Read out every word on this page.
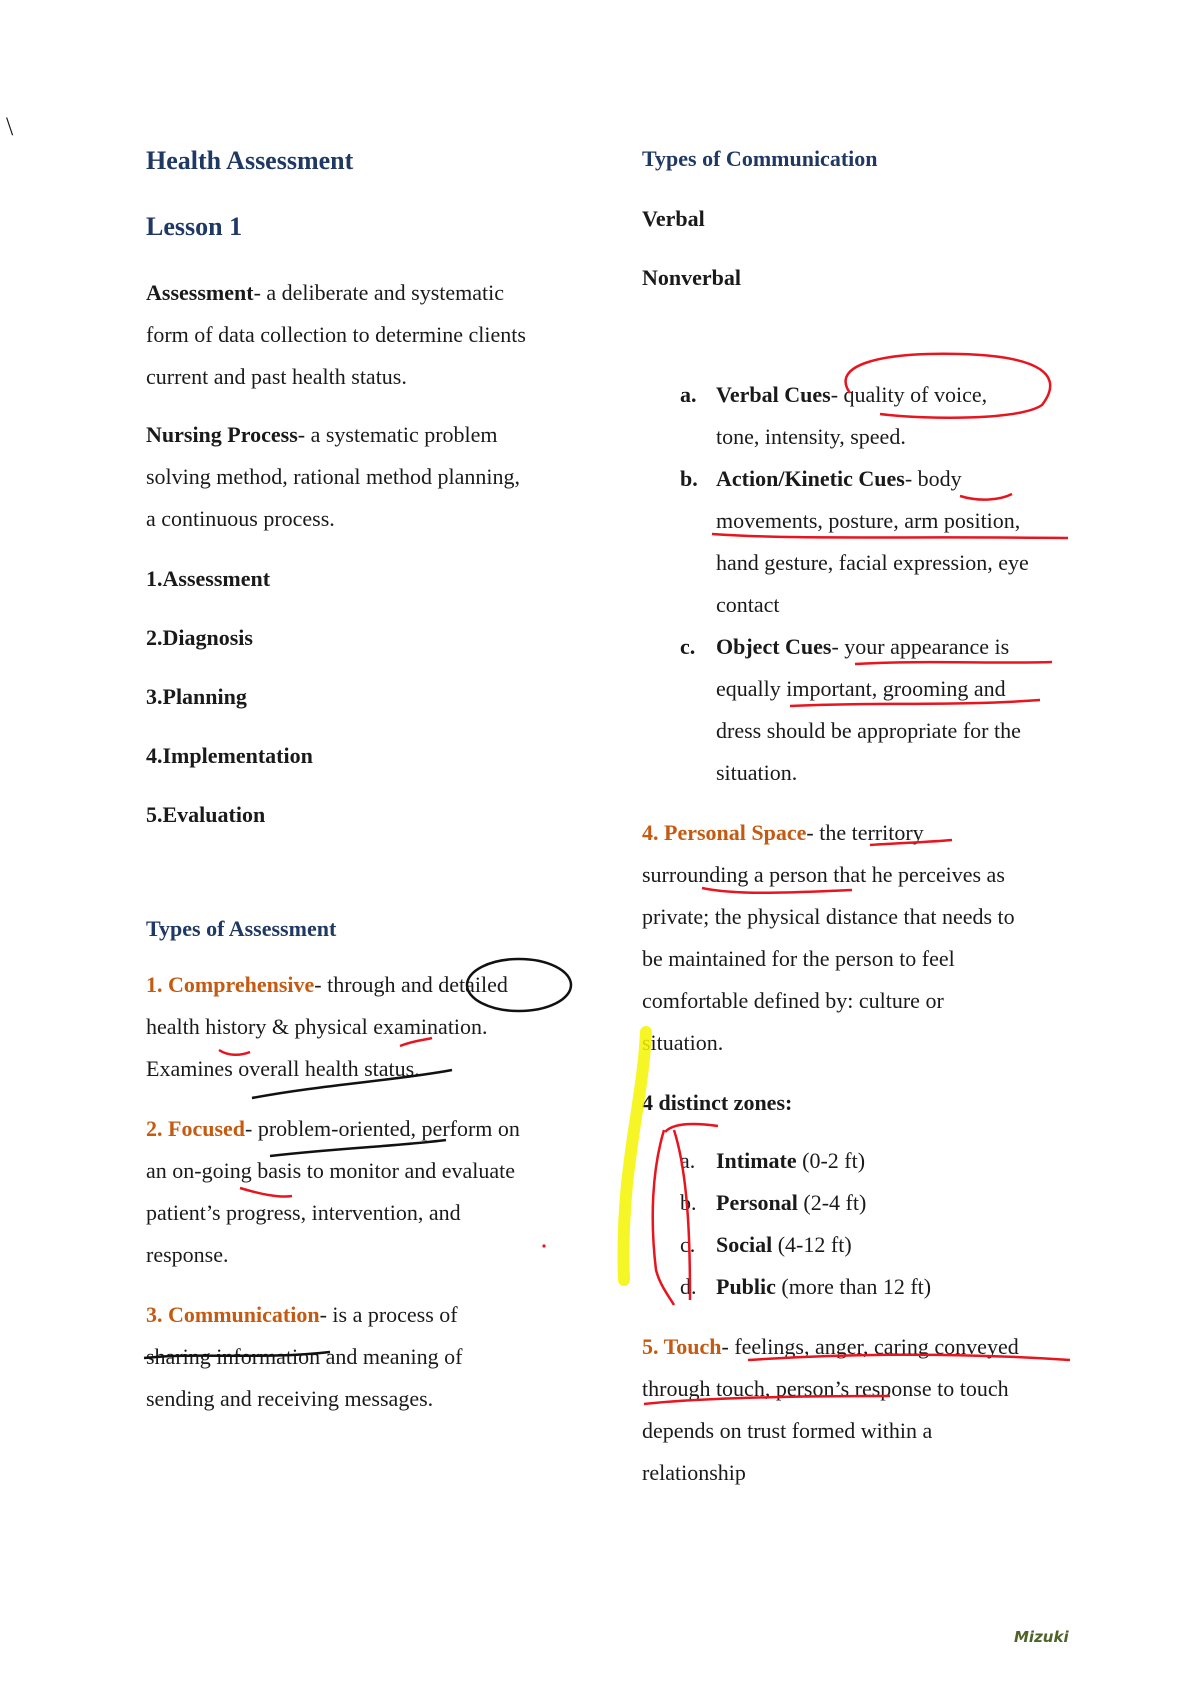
\
Health Assessment
Lesson 1
Assessment- a deliberate and systematic
form of data collection to determine clients
current and past health status.
Nursing Process- a systematic problem
solving method, rational method planning,
a continuous process.
1.Assessment
2.Diagnosis
3.Planning
4.Implementation
5.Evaluation
Types of Assessment
1. Comprehensive- through and detailed
health history & physical examination.
Examines overall health status.
2. Focused- problem-oriented, perform on
an on-going basis to monitor and evaluate
patient’s progress, intervention, and
response.
3. Communication- is a process of
sharing information and meaning of
sending and receiving messages.
Types of Communication
Verbal
Nonverbal
a. Verbal Cues- quality of voice,
tone, intensity, speed.
b. Action/Kinetic Cues- body
movements, posture, arm position,
hand gesture, facial expression, eye
contact
c. Object Cues- your appearance is
equally important, grooming and
dress should be appropriate for the
situation.
4. Personal Space- the territory
surrounding a person that he perceives as
private; the physical distance that needs to
be maintained for the person to feel
comfortable defined by: culture or
situation.
4 distinct zones:
a. Intimate (0-2 ft)
b. Personal (2-4 ft)
c. Social (4-12 ft)
d. Public (more than 12 ft)
5. Touch- feelings, anger, caring conveyed
through touch, person’s response to touch
depends on trust formed within a
relationship
Mizuki
